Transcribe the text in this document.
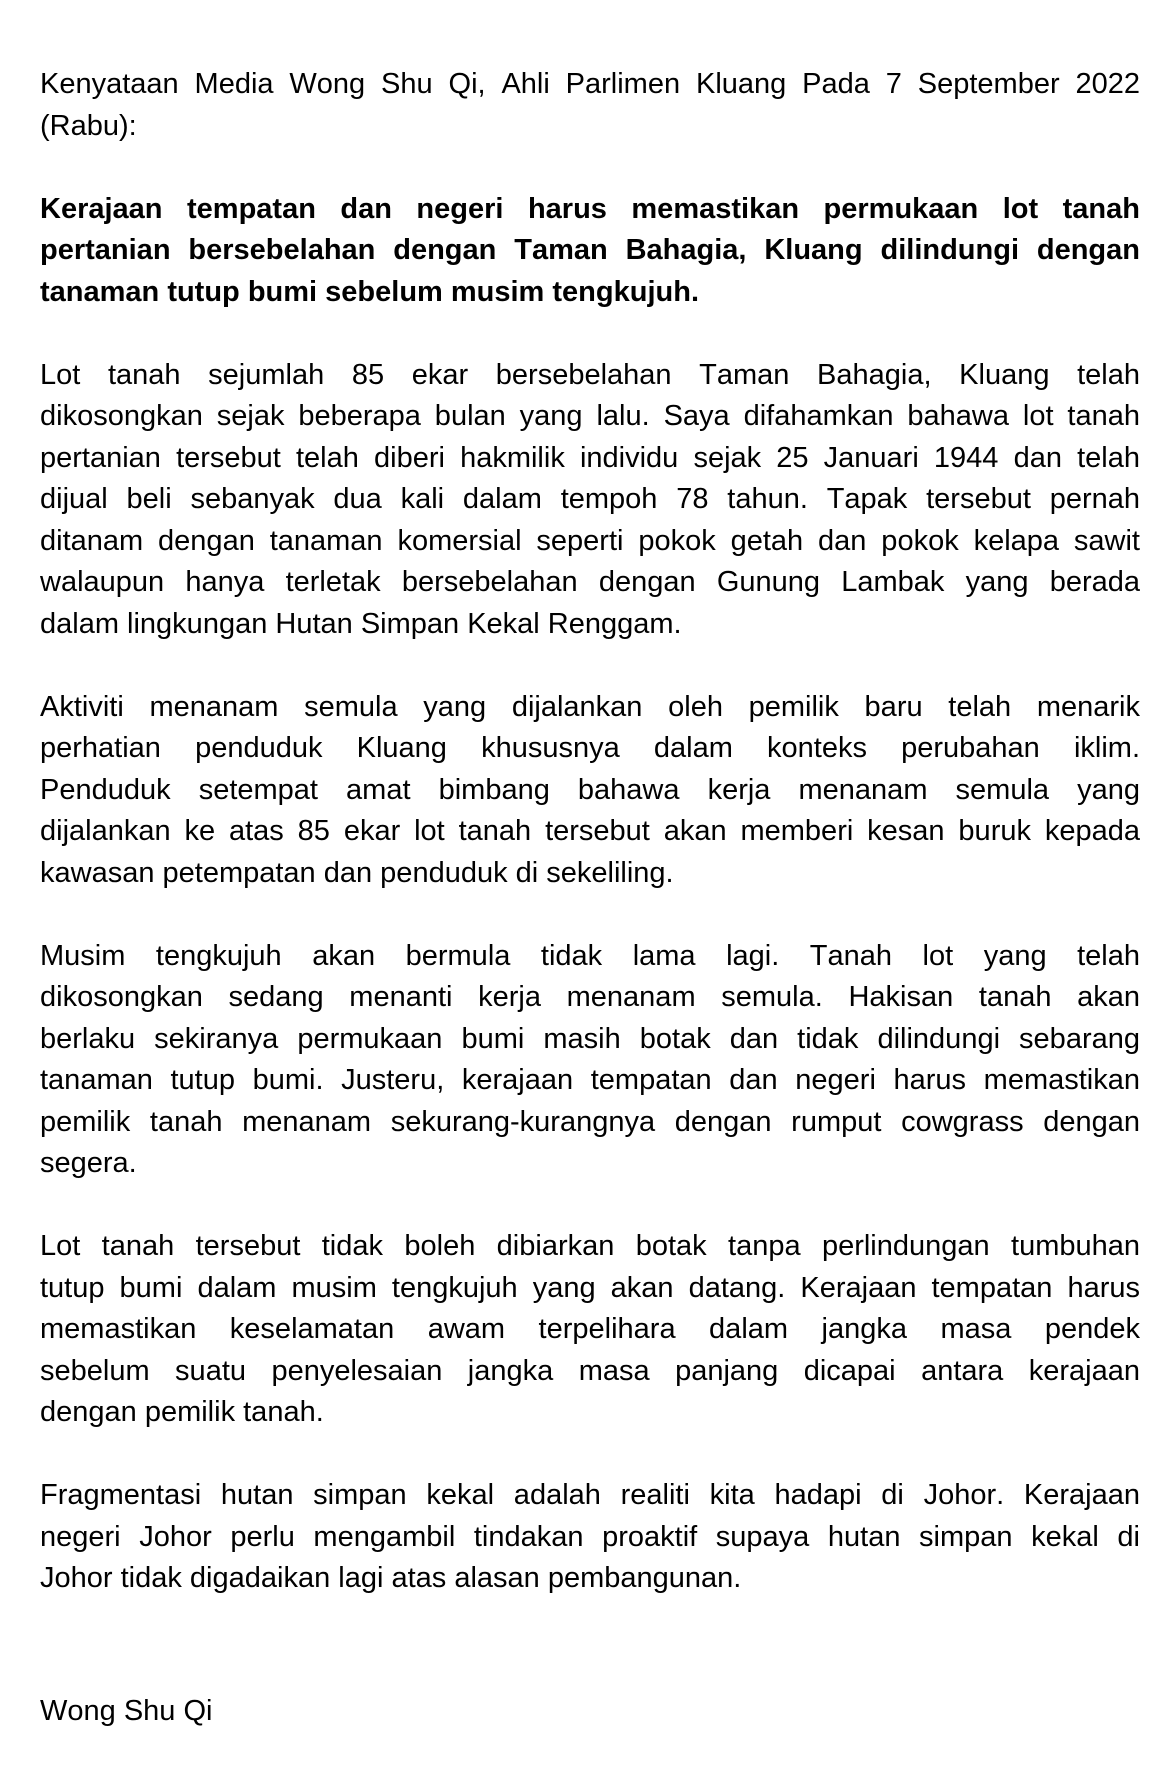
Kenyataan Media Wong Shu Qi, Ahli Parlimen Kluang Pada 7 September 2022
(Rabu):
Kerajaan tempatan dan negeri harus memastikan permukaan lot tanah
pertanian bersebelahan dengan Taman Bahagia, Kluang dilindungi dengan
tanaman tutup bumi sebelum musim tengkujuh.
Lot tanah sejumlah 85 ekar bersebelahan Taman Bahagia, Kluang telah
dikosongkan sejak beberapa bulan yang lalu. Saya difahamkan bahawa lot tanah
pertanian tersebut telah diberi hakmilik individu sejak 25 Januari 1944 dan telah
dijual beli sebanyak dua kali dalam tempoh 78 tahun. Tapak tersebut pernah
ditanam dengan tanaman komersial seperti pokok getah dan pokok kelapa sawit
walaupun hanya terletak bersebelahan dengan Gunung Lambak yang berada
dalam lingkungan Hutan Simpan Kekal Renggam.
Aktiviti menanam semula yang dijalankan oleh pemilik baru telah menarik
perhatian penduduk Kluang khususnya dalam konteks perubahan iklim.
Penduduk setempat amat bimbang bahawa kerja menanam semula yang
dijalankan ke atas 85 ekar lot tanah tersebut akan memberi kesan buruk kepada
kawasan petempatan dan penduduk di sekeliling.
Musim tengkujuh akan bermula tidak lama lagi. Tanah lot yang telah
dikosongkan sedang menanti kerja menanam semula. Hakisan tanah akan
berlaku sekiranya permukaan bumi masih botak dan tidak dilindungi sebarang
tanaman tutup bumi. Justeru, kerajaan tempatan dan negeri harus memastikan
pemilik tanah menanam sekurang-kurangnya dengan rumput cowgrass dengan
segera.
Lot tanah tersebut tidak boleh dibiarkan botak tanpa perlindungan tumbuhan
tutup bumi dalam musim tengkujuh yang akan datang. Kerajaan tempatan harus
memastikan keselamatan awam terpelihara dalam jangka masa pendek
sebelum suatu penyelesaian jangka masa panjang dicapai antara kerajaan
dengan pemilik tanah.
Fragmentasi hutan simpan kekal adalah realiti kita hadapi di Johor. Kerajaan
negeri Johor perlu mengambil tindakan proaktif supaya hutan simpan kekal di
Johor tidak digadaikan lagi atas alasan pembangunan.
Wong Shu Qi
